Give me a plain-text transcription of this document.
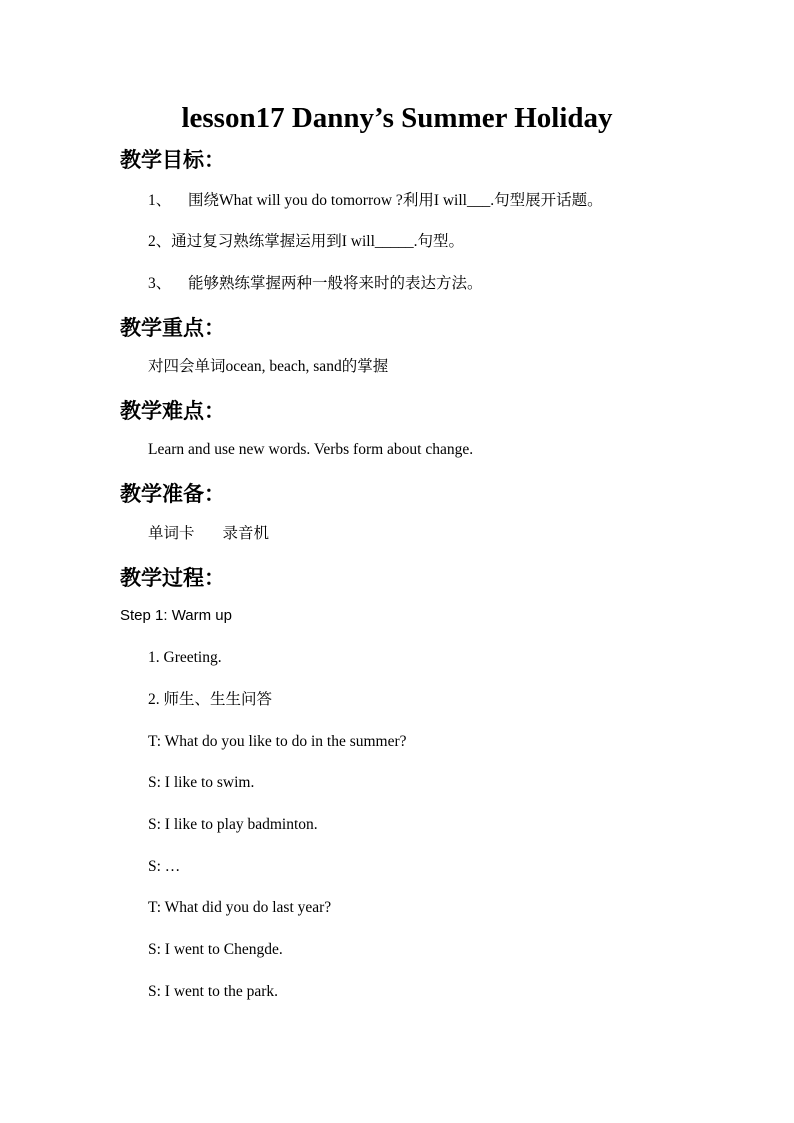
lesson17 Danny’s Summer Holiday
教学目标：
1、 围绕What will you do tomorrow ?利用I will___.句型展开话题。
2、通过复习熟练掌握运用到I will_____.句型。
3、 能够熟练掌握两种一般将来时的表达方法。
教学重点：
对四会单词ocean, beach, sand的掌握
教学难点：
Learn and use new words. Verbs form about change.
教学准备：
单词卡 录音机
教学过程：
Step 1: Warm up
1. Greeting.
2. 师生、生生问答
T: What do you like to do in the summer?
S: I like to swim.
S: I like to play badminton.
S: …
T: What did you do last year?
S: I went to Chengde.
S: I went to the park.
